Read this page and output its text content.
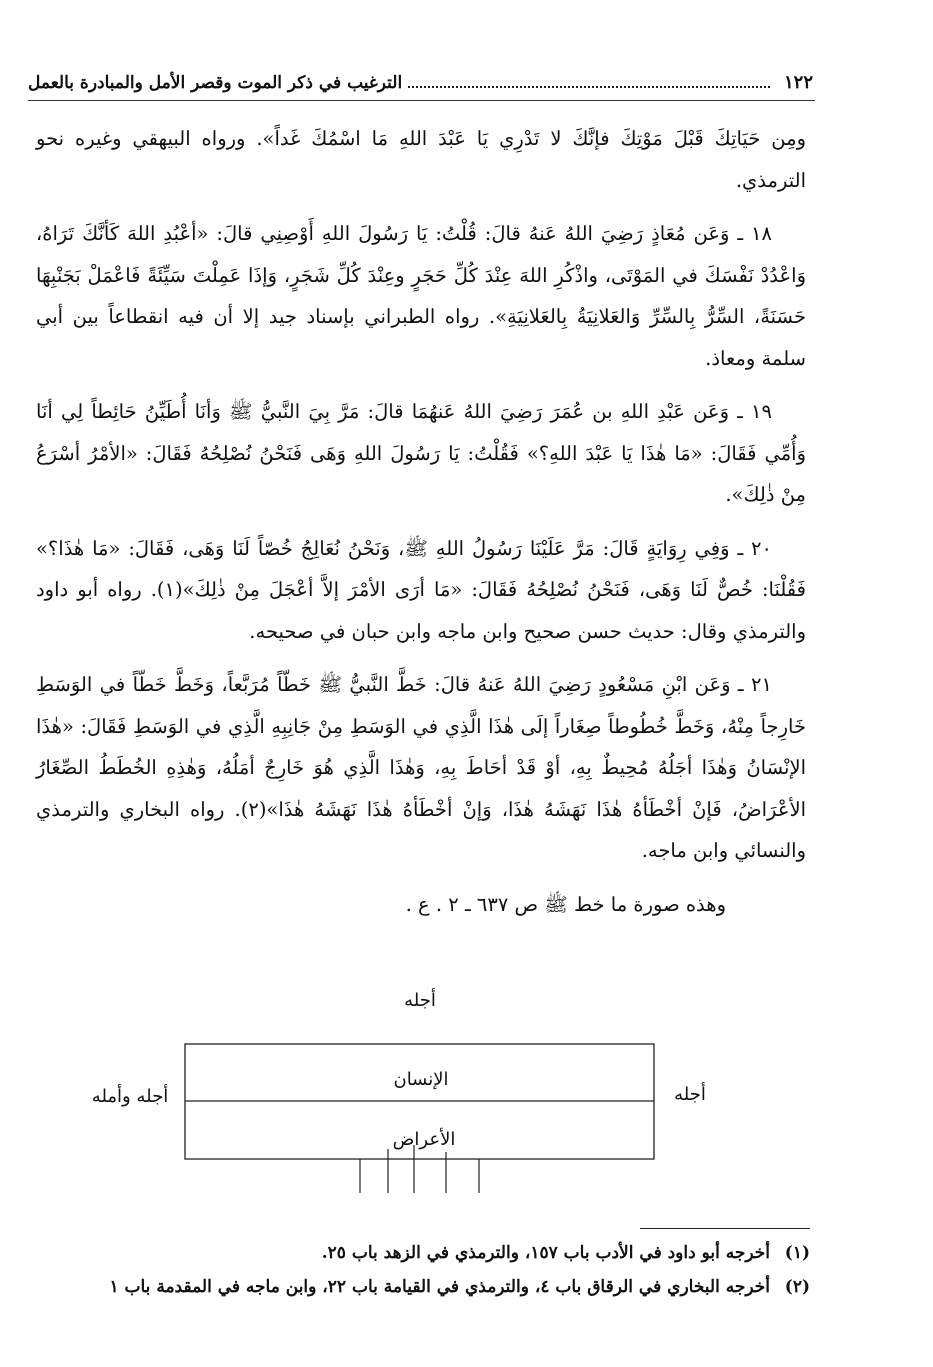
١٢٢
الترغيب في ذكر الموت وقصر الأمل والمبادرة بالعمل

ومِن حَيَاتِكَ قَبْلَ مَوْتِكَ فإنَّكَ لا تَدْرِي يَا عَبْدَ اللهِ مَا اسْمُكَ غَداً». ورواه البيهقي وغيره نحو الترمذي.

١٨ ـ وَعَن مُعَاذٍ رَضِيَ اللهُ عَنهُ قالَ: قُلْتُ: يَا رَسُولَ اللهِ أَوْصِنِي قالَ: «أعْبُدِ اللهَ كَأنَّكَ تَرَاهُ، وَاعْدُدْ نَفْسَكَ في المَوْتَى، واذْكُرِ اللهَ عِنْدَ كُلِّ حَجَرٍ وعِنْدَ كُلِّ شَجَرٍ، وَإذَا عَمِلْتَ سَيِّئَةً فَاعْمَلْ بَجَنْبِهَا حَسَنَةً، السِّرُّ بِالسِّرِّ وَالعَلانِيَةُ بِالعَلانِيَةِ». رواه الطبراني بإسناد جيد إلا أن فيه انقطاعاً بين أبي سلمة ومعاذ.

١٩ ـ وَعَن عَبْدِ اللهِ بن عُمَرَ رَضِيَ اللهُ عَنهُمَا قالَ: مَرَّ بِيَ النَّبيُّ ﷺ وَأنَا أُطَيِّنُ حَائِطاً لِي أنَا وَأُمِّي فَقَالَ: «مَا هٰذَا يَا عَبْدَ اللهِ؟» فَقُلْتُ: يَا رَسُولَ اللهِ وَهَى فَنَحْنُ نُصْلِحُهُ فَقَالَ: «الأمْرُ أسْرَعُ مِنْ ذٰلِكَ».

٢٠ ـ وَفِي رِوَايَةٍ قَالَ: مَرَّ عَلَيْنَا رَسُولُ اللهِ ﷺ، وَنَحْنُ نُعَالِجُ خُصّاً لَنَا وَهَى، فَقَالَ: «مَا هٰذَا؟» فَقُلْنَا: خُصٌّ لَنَا وَهَى، فَنَحْنُ نُصْلِحُهُ فَقَالَ: «مَا أرَى الأمْرَ إلاَّ أعْجَلَ مِنْ ذٰلِكَ»(١). رواه أبو داود والترمذي وقال: حديث حسن صحيح وابن ماجه وابن حبان في صحيحه.

٢١ ـ وَعَن ابْنِ مَسْعُودٍ رَضِيَ اللهُ عَنهُ قالَ: خَطَّ النَّبيُّ ﷺ خَطّاً مُرَبَّعاً، وَخَطَّ خَطّاً في الوَسَطِ خَارِجاً مِنْهُ، وَخَطَّ خُطُوطاً صِغَاراً إلَى هٰذَا الَّذِي في الوَسَطِ مِنْ جَانِبِهِ الَّذِي في الوَسَطِ فَقَالَ: «هٰذَا الإنْسَانُ وَهٰذَا أجَلُهُ مُحِيطٌ بِهِ، أوْ قَدْ أحَاطَ بِهِ، وَهٰذَا الَّذِي هُوَ خَارِجٌ أمَلُهُ، وَهٰذِهِ الخُطَطُ الصِّغَارُ الأعْرَاضُ، فَإنْ أخْطَأهُ هٰذَا نَهَشَهُ هٰذَا، وَإنْ أخْطَأهُ هٰذَا نَهَشَهُ هٰذَا»(٢). رواه البخاري والترمذي والنسائي وابن ماجه.

وهذه صورة ما خط ﷺ ص ٦٣٧ ـ ٢ . ع .

أجله
أجله
أجله وأمله
الإنسان
الأعراض
(١)أخرجه أبو داود في الأدب باب ١٥٧، والترمذي في الزهد باب ٢٥.
(٢)أخرجه البخاري في الرقاق باب ٤، والترمذي في القيامة باب ٢٢، وابن ماجه في المقدمة باب ١
